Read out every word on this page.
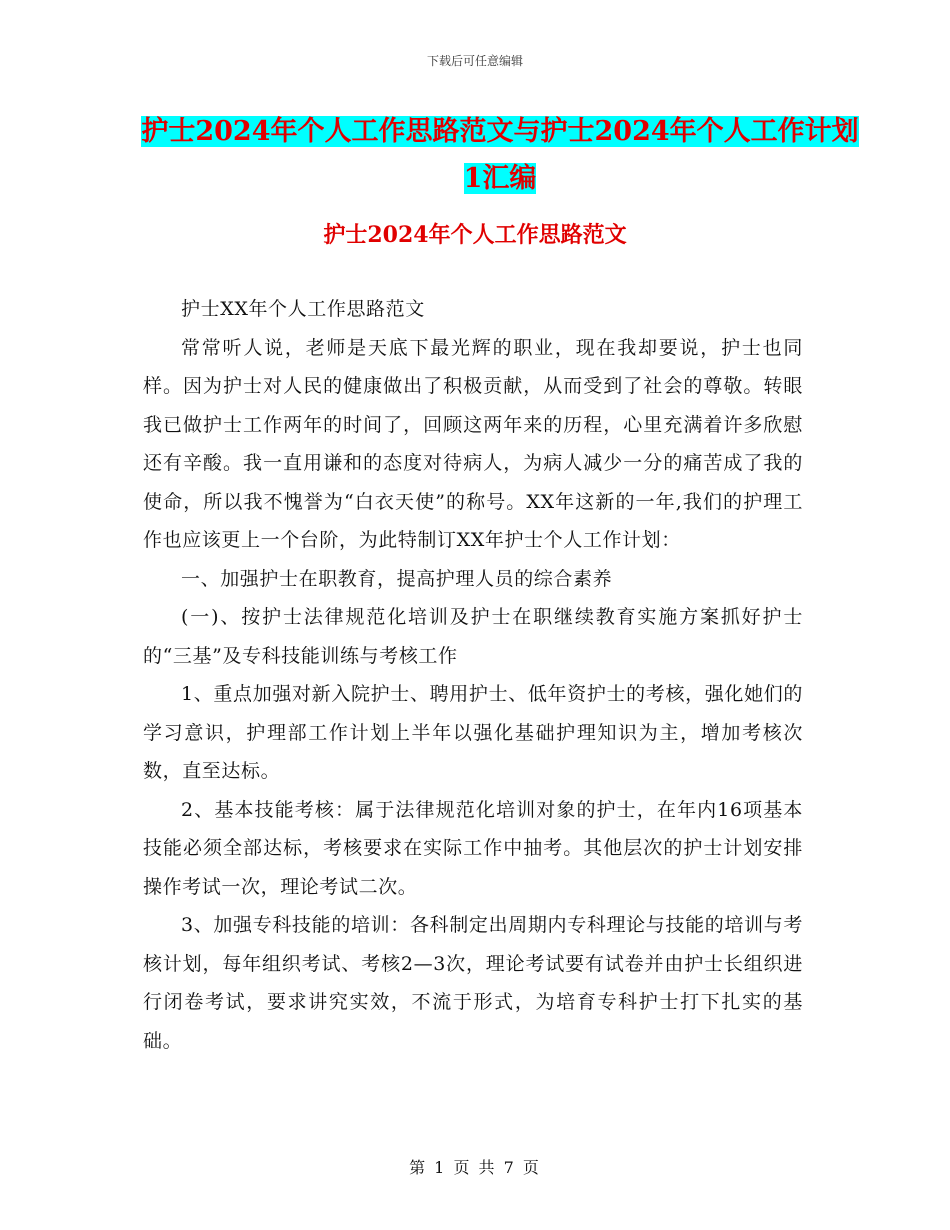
下载后可任意编辑
护士2024年个人工作思路范文与护士2024年个人工作计划1汇编
护士2024年个人工作思路范文

护士XX年个人工作思路范文

常常听人说，老师是天底下最光辉的职业，现在我却要说，护士也同样。因为护士对人民的健康做出了积极贡献，从而受到了社会的尊敬。转眼我已做护士工作两年的时间了，回顾这两年来的历程，心里充满着许多欣慰还有辛酸。我一直用谦和的态度对待病人，为病人减少一分的痛苦成了我的使命，所以我不愧誉为“白衣天使”的称号。XX年这新的一年,我们的护理工作也应该更上一个台阶，为此特制订XX年护士个人工作计划：

一、加强护士在职教育，提高护理人员的综合素养

(一)、按护士法律规范化培训及护士在职继续教育实施方案抓好护士的“三基”及专科技能训练与考核工作

1、重点加强对新入院护士、聘用护士、低年资护士的考核，强化她们的学习意识，护理部工作计划上半年以强化基础护理知识为主，增加考核次数，直至达标。

2、基本技能考核：属于法律规范化培训对象的护士，在年内16项基本技能必须全部达标，考核要求在实际工作中抽考。其他层次的护士计划安排操作考试一次，理论考试二次。

3、加强专科技能的培训：各科制定出周期内专科理论与技能的培训与考核计划，每年组织考试、考核2—3次，理论考试要有试卷并由护士长组织进行闭卷考试，要求讲究实效，不流于形式，为培育专科护士打下扎实的基础。

第 1 页 共 7 页
